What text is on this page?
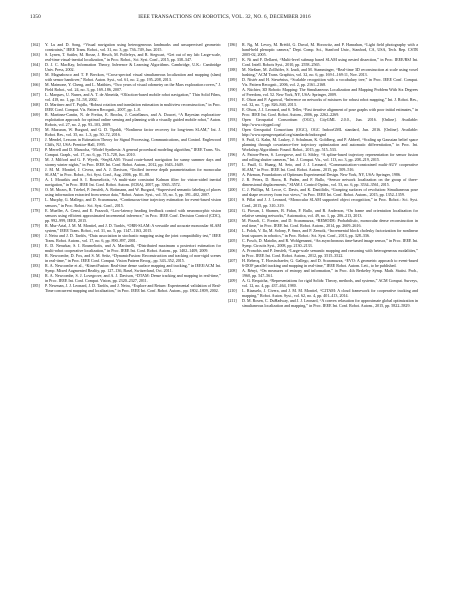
1350	IEEE TRANSACTIONS ON ROBOTICS, VOL. 32, NO. 6, DECEMBER 2016

[162] Y. Lu and D. Song, “Visual navigation using heterogeneous landmarks and unsupervised geometric constraints,” IEEE Trans. Robot., vol. 31, no. 3, pp. 736–749, Jun. 2015.

[163] S. Lynen, T. Sattler, M. Bosse, J. Hesch, M. Pollefeys, and R. Siegwart, “Get out of my lab: Large-scale, real-time visual-inertial localization,” in Proc. Robot., Sci. Syst. Conf., 2015, pp. 338–347.

[164] D. J. C. MacKay, Information Theory, Inference & Learning Algorithms. Cambridge, U.K.: Cambridge Univ. Press, 2002.

[165] M. Magnabosco and T. P. Breckon, “Cross-spectral visual simultaneous localization and mapping (slam) with sensor handover,” Robot. Auton. Syst., vol. 61, no. 2, pp. 195–208, 2013.

[166] M. Maimone, Y. Cheng, and L. Matthies, “Two years of visual odometry on the Mars exploration rovers,” J. Field Robot., vol. 24, no. 3, pp. 169–186, 2007.

[167] L. Marques, U. Nunes, and A. T. de Almeida, “Olfaction-based mobile robot navigation,” Thin Solid Films, vol. 418, no. 1, pp. 51–58, 2002.

[168] D. Martinec and T. Pajdla, “Robust rotation and translation estimation in multiview reconstruction,” in Proc. IEEE Conf. Comput. Vis. Pattern Recognit., 2007, pp. 1–8.

[169] R. Martinez-Cantin, N. de Freitas, E. Brochu, J. Castellanos, and A. Doucet, “A Bayesian exploration-exploitation approach for optimal online sensing and planning with a visually guided mobile robot,” Auton. Robots, vol. 27, no. 2, pp. 93–103, 2009.

[170] M. Mazuran, W. Burgard, and G. D. Tipaldi, “Nonlinear factor recovery for long-term SLAM,” Int. J. Robot. Res., vol. 35, no. 1–3, pp. 50–72, 2016.

[171] J. Mendel, Lessons in Estimation Theory for Signal Processing, Communications, and Control. Englewood Cliffs, NJ, USA: Prentice-Hall, 1995.

[172] P. Merrell and D. Manocha, “Model Synthesis: A general procedural modeling algorithm,” IEEE Trans. Vis. Comput. Graph., vol. 17, no. 6, pp. 715–728, Jun. 2010.

[173] M. J. Milford and G. F. Wyeth, “SeqSLAM: Visual route-based navigation for sunny summer days and stormy winter nights,” in Proc. IEEE Int. Conf. Robot. Autom., 2012, pp. 1643–1649.

[174] J. M. M. Montiel, J. Civera, and A. J. Davison, “Unified inverse depth parametrization for monocular SLAM,” in Proc. Robot., Sci. Syst. Conf., Aug. 2006, pp. 81–88.

[175] A. I. Mourikis and S. I. Roumeliotis, “A multi-state constraint Kalman filter for vision-aided inertial navigation,” in Proc. IEEE Int. Conf. Robot. Autom. (ICRA), 2007, pp. 3565–3572.

[176] O. M. Mozos, R. Triebel, P. Jensfelt, A. Rottmann, and W. Burgard, “Supervised semantic labeling of places using information extracted from sensor data,” Robot. Auton. Syst., vol. 55, no. 5, pp. 391–402, 2007.

[177] L. Murphy, G. Mallego, and D. Scaramuzza, “Continuous-time trajectory estimation for event-based vision sensors,” in Proc. Robot.: Sci. Syst. Conf., 2015.

[178] E. Mueller, A. Censi, and E. Frazzoli, “Low-latency heading feedback control with neuromorphic vision sensors using efficient approximated incremental inference,” in Proc. IEEE Conf. Decision Control (CDC), pp. 992–999, IEEE, 2015.

[179] R. Mur-Artal, J. M. M. Montiel, and J. D. Tardós, “ORB-SLAM: A versatile and accurate monocular SLAM system,” IEEE Trans. Robot., vol. 31, no. 5, pp. 1147–1163, 2015.

[180] J. Neira and J. D. Tardós, “Data association in stochastic mapping using the joint compatibility test,” IEEE Trans. Robot. Autom., vol. 17, no. 6, pp. 890–897, 2001.

[181] E. D. Nerurkar, S. I. Roumeliotis, and A. Martinelli, “Distributed maximum a posteriori estimation for multi-robot cooperative localization,” in Proc. IEEE Int. Conf. Robot. Autom., pp. 1402–1409, 2009.

[182] R. Newcombe, D. Fox, and S. M. Seitz, “DynamicFusion: Reconstruction and tracking of non-rigid scenes in real-time,” in Proc. IEEE Conf. Comput. Vision Pattern Recog., pp. 343–352, 2015.

[183] R. A. Newcombe et al., “KinectFusion: Real-time dense surface mapping and tracking,” in IEEE/ACM Int. Symp. Mixed Augmented Reality, pp. 127–136, Basel, Switzerland, Oct. 2011.

[184] R. A. Newcombe, S. J. Lovegrove, and A. J. Davison, “DTAM: Dense tracking and mapping in real-time,” in Proc. IEEE Int. Conf. Comput. Vision, pp. 2320–2327, 2011.

[185] P. Newman, J. J. Leonard, J. D. Tardós, and J. Neira, “Explore and Return: Experimental validation of Real-Time concurrent mapping and localization,” in Proc. IEEE Int. Conf. Robot. Autom., pp. 1802–1809, 2002.

[186] R. Ng, M. Levoy, M. Brédif, G. Duval, M. Horowitz, and P. Hanrahan, “Light field photography with a hand-held plenoptic camera,” Dept. Comp. Sci., Stanford Univ., Stanford, CA, USA, Tech. Rep. CSTR 2005-02, 2005.

[187] K. Ni and F. Dellaert, “Multi-level submap based SLAM using nested dissection,” in Proc. IEEE/RSJ Int. Conf. Intell. Robots Syst., 2010, pp. 2558–2565.

[188] M. Nießner, M. Zollhöfer, S. Izadi, and M. Stamminger, “Real-time 3D reconstruction at scale using voxel hashing,” ACM Trans. Graphics, vol. 32, no. 6, pp. 169:1–169:11, Nov. 2013.

[189] D. Nistér and H. Stewénius, “Scalable recognition with a vocabulary tree,” in Proc. IEEE Conf. Comput. Vis. Pattern Recognit., 2006, vol. 2, pp. 2161–2168.

[190] A. Nüchter, 3D Robotic Mapping: The Simultaneous Localization and Mapping Problem With Six Degrees of Freedom, vol. 52. New York, NY, USA: Springer, 2009.

[191] E. Olson and P. Agarwal, “Inference on networks of mixtures for robust robot mapping,” Int. J. Robot. Res., vol. 32, no. 7, pp. 826–840, 2013.

[192] E. Olson, J. J. Leonard, and S. Teller, “Fast iterative alignment of pose graphs with poor initial estimates,” in Proc. IEEE Int. Conf. Robot. Autom., 2006, pp. 2262–2269.

[193] Open Geospatial Consortium (OGC), CityGML 2.0.0., Jun. 2016. [Online]. Available: http://www.citygml.org/

[194] Open Geospatial Consortium (OGC), OGC IndoorGML standard, Jun. 2016. [Online]. Available: http://www.opengeospatial.org/standards/indoorgml

[195] S. Patil, G. Kahn, M. Laskey, J. Schulman, K. Goldberg, and P. Abbeel, “Scaling up Gaussian belief space planning through covariance-free trajectory optimization and automatic differentiation,” in Proc. Int. Workshop Algorithmic Found. Robot., 2015, pp. 515–533.

[196] A. Patron-Perez, S. Lovegrove, and G. Sibley, “A spline-based trajectory representation for sensor fusion and rolling shutter cameras,” Int. J. Comput. Vis., vol. 113, no. 3, pp. 208–219, 2015.

[197] L. Paull, G. Huang, M. Seto, and J. J. Leonard, “Communication-constrained multi-AUV cooperative SLAM,” in Proc. IEEE Int. Conf. Robot. Autom., 2015, pp. 509–516.

[198] A. Pázman, Foundations of Optimum Experimental Design. New York, NY, USA: Springer, 1986.

[199] J. R. Peters, D. Borra, B. Paden, and F. Bullo, “Sensor network localization on the group of three-dimensional displacements,” SIAM J. Control Optim., vol. 53, no. 6, pp. 3534–3561, 2015.

[200] C. J. Phillips, M. Lecce, C. Davis, and K. Daniilidis, “Grasping surfaces of revolution: Simultaneous pose and shape recovery from two views,” in Proc. IEEE Int. Conf. Robot. Autom., 2015, pp. 1352–1359.

[201] S. Pillai and J. J. Leonard, “Monocular SLAM supported object recognition,” in Proc. Robot.: Sci. Syst. Conf., 2015, pp. 310–319.

[202] G. Piovan, I. Shames, B. Fidan, F. Bullo, and B. Anderson, “On frame and orientation localization for relative sensing networks,” Automatica, vol. 49, no. 1, pp. 206–213, 2013.

[203] M. Pizzoli, C. Forster, and D. Scaramuzza, “REMODE: Probabilistic, monocular dense reconstruction in real time,” in Proc. IEEE Int. Conf. Robot. Autom., 2014, pp. 2609–2616.

[204] L. Polok, V. Ila, M. Solony, P. Smrz, and P. Zemcik, “Incremental block cholesky factorization for nonlinear least squares in robotics,” in Proc. Robot.: Sci. Syst. Conf., 2013, pp. 328–336.

[205] C. Posch, D. Matolin, and R. Wohlgenannt, “An asynchronous time-based image sensor,” in Proc. IEEE Int. Symp. Circuits Syst., 2008, pp. 2130–2133.

[206] A. Pronobis and P. Jensfelt, “Large-scale semantic mapping and reasoning with heterogeneous modalities,” in Proc. IEEE Int. Conf. Robot. Autom., 2012, pp. 3515–3522.

[207] H. Rebecq, T. Horstschaefer, G. Gallego, and D. Scaramuzza, “EVO: A geometric approach to event-based 6-DOF parallel tracking and mapping in real-time,” IEEE Robot. Autom. Lett., to be published.

[208] A. Rényi, “On measures of entropy and information,” in Proc. 4th Berkeley Symp. Math. Statist. Prob., 1960, pp. 547–561.

[209] A. G. Requicha, “Representations for rigid Solids: Theory, methods, and systems,” ACM Comput. Surveys, vol. 12, no. 4, pp. 437–464, 1980.

[210] L. Riazuelo, J. Civera, and J. M. M. Montiel, “C2TAM: A cloud framework for cooperative tracking and mapping,” Robot. Auton. Syst., vol. 62, no. 4, pp. 401–413, 2014.

[211] D. M. Rosen, C. DuHadway, and J. J. Leonard, “A convex relaxation for approximate global optimization in simultaneous localization and mapping,” in Proc. IEEE Int. Conf. Robot. Autom., 2015, pp. 5822–5829.
